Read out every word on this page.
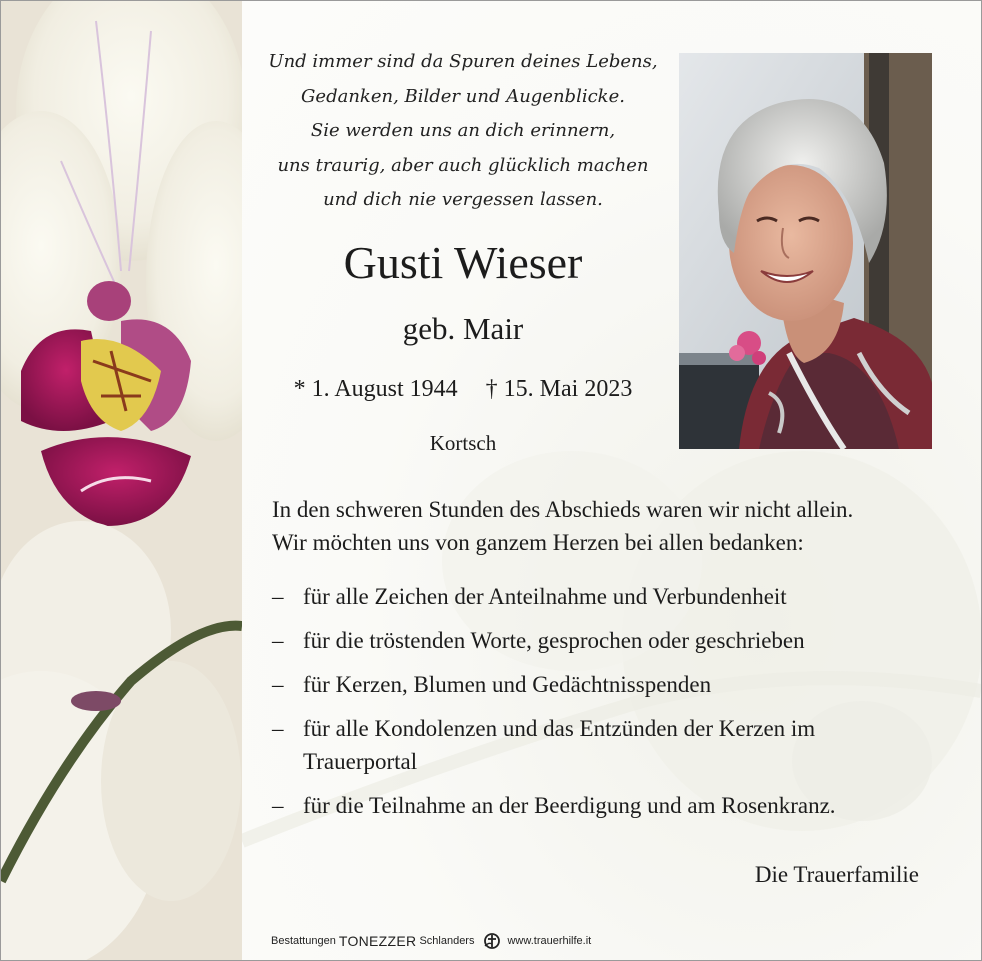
Und immer sind da Spuren deines Lebens,
Gedanken, Bilder und Augenblicke.
Sie werden uns an dich erinnern,
uns traurig, aber auch glücklich machen
und dich nie vergessen lassen.
Gusti Wieser
geb. Mair
* 1. August 1944 † 15. Mai 2023
Kortsch
In den schweren Stunden des Abschieds waren wir nicht allein.
Wir möchten uns von ganzem Herzen bei allen bedanken:
– für alle Zeichen der Anteilnahme und Verbundenheit
– für die tröstenden Worte, gesprochen oder geschrieben
– für Kerzen, Blumen und Gedächtnisspenden
– für alle Kondolenzen und das Entzünden der Kerzen im
Trauerportal
– für die Teilnahme an der Beerdigung und am Rosenkranz.
Die Trauerfamilie
Bestattungen TONEZZER Schlanders	www.trauerhilfe.it
